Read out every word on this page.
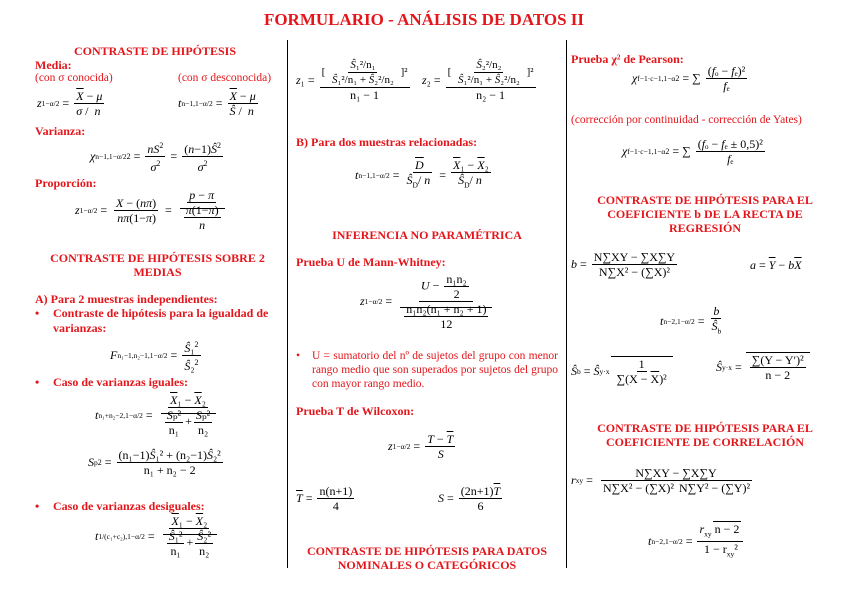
FORMULARIO - ANÁLISIS DE DATOS II
CONTRASTE DE HIPÓTESIS
Media:
(con σ conocida)	(con σ desconocida)
z $1-\alpha/2 = \frac{\overline{X} - \mu}{\sigma / n}$	t $n-1,1-\alpha/2 = \frac{\overline{X} - \mu}{Ŝ / n}$
Varianza:
χ n−1,1−α/2 $2 = \frac{nS^2}{\sigma^2} = \frac{(n-1)Ŝ^2}{\sigma^2}$
Proporción:
z $1-\alpha/2 = \frac{X - (n\pi)}{n\pi(1-\pi)} = \frac{p - \pi}{\frac{\pi(1-\pi)}{n}}$
CONTRASTE DE HIPÓTESIS SOBRE 2 MEDIAS
A) Para 2 muestras independientes:
•	Contraste de hipótesis para la igualdad de varianzas:
F $n_1-1,n_2-1,1-\alpha/2 = \frac{Ŝ_1^2}{Ŝ_2^2}$
•	Caso de varianzas iguales:
t $n_1+n_2-2,1-\alpha/2 = \frac{\overline{X}_1 - \overline{X}_2}{\frac{\text{Sₚ²}}{\text{n₁}} + \frac{\text{Sₚ²}}{\text{n₂}}}$
S p $2 = \frac{\text{(n₁−1)Ŝ₁² + (n₂−1)Ŝ₂²}}{\text{n₁ + n₂ − 2}}$
•	Caso de varianzas desiguales:
t $1/(c_1+c_2),1-\alpha/2 = \frac{\overline{X}_1 - \overline{X}_2}{\frac{\text{Ŝ₁²}}{\text{n₁}} + \frac{\text{Ŝ₂²}}{\text{n₂}}}$
z $_1 = \frac{[ \frac{\text{Ŝ₁²/n₁}}{\text{Ŝ₁²/n₁ + Ŝ₂²/n₂}} ]^2}{\text{n₁ − 1}}$ z $_2 = \frac{[ \frac{\text{Ŝ₂²/n₂}}{\text{Ŝ₁²/n₁ + Ŝ₂²/n₂}} ]^2}{\text{n₂ − 1}}$
B) Para dos muestras relacionadas:
t $n-1,1-\alpha/2 = \frac{\overline{D}}{Ŝ_D/ n} = \frac{\overline{X}_1 - \overline{X}_2}{Ŝ_D/ n}$
INFERENCIA NO PARAMÉTRICA
Prueba U de Mann-Whitney:
z $1-\alpha/2 = \frac{U - \frac{\text{n₁n₂}}{2}}{\frac{\text{n₁n₂(n₁ + n₂ + 1)}}{12}}$
•	U = sumatorio del nº de sujetos del grupo con menor rango medio que son superados por sujetos del grupo con mayor rango medio.
Prueba T de Wilcoxon:
z $1-\alpha/2 = \frac{T - \overline{T}}{S}$
$\overline{T} = \frac{n(n+1)}{4}$	$S = \frac{(2n+1)\overline{T}}{6}$
CONTRASTE DE HIPÓTESIS PARA DATOS NOMINALES O CATEGÓRICOS
Prueba χ² de Pearson:
χ f−1·c−1,1−α 2 = ∑ $\frac{\text{(fₒ − fₑ)²}}{\text{fₑ}}$
(corrección por continuidad - corrección de Yates)
χ f−1·c−1,1−α 2 = ∑ $\frac{\text{(fₒ − fₑ ± 0,5)²}}{\text{fₑ}}$
CONTRASTE DE HIPÓTESIS PARA EL COEFICIENTE b DE LA RECTA DE REGRESIÓN
$b = \frac{N\sum XY - \sum X\sum Y}{\text{N∑X² − (∑X)²}}$	$a = \overline{Y} - b$ $\overline{X}$
t $n-2,1-\alpha/2 = \frac{b}{Ŝ_b}$
Ŝ b = Ŝ $y\cdot x \frac{1}{\sum(X - \overline{X})^2}$	Ŝ $y\cdot x = \frac{\text{∑(Y − Y′)²}}{n - 2}$
CONTRASTE DE HIPÓTESIS PARA EL COEFICIENTE DE CORRELACIÓN
r xy = $\frac{N\sum XY - \sum X\sum Y}{\text{N∑X² − (∑X)² N∑Y² − (∑Y)²}}$
t $n-2,1-\alpha/2 = \frac{r_{xy} n - 2}{1 - r_{xy}^2}$
